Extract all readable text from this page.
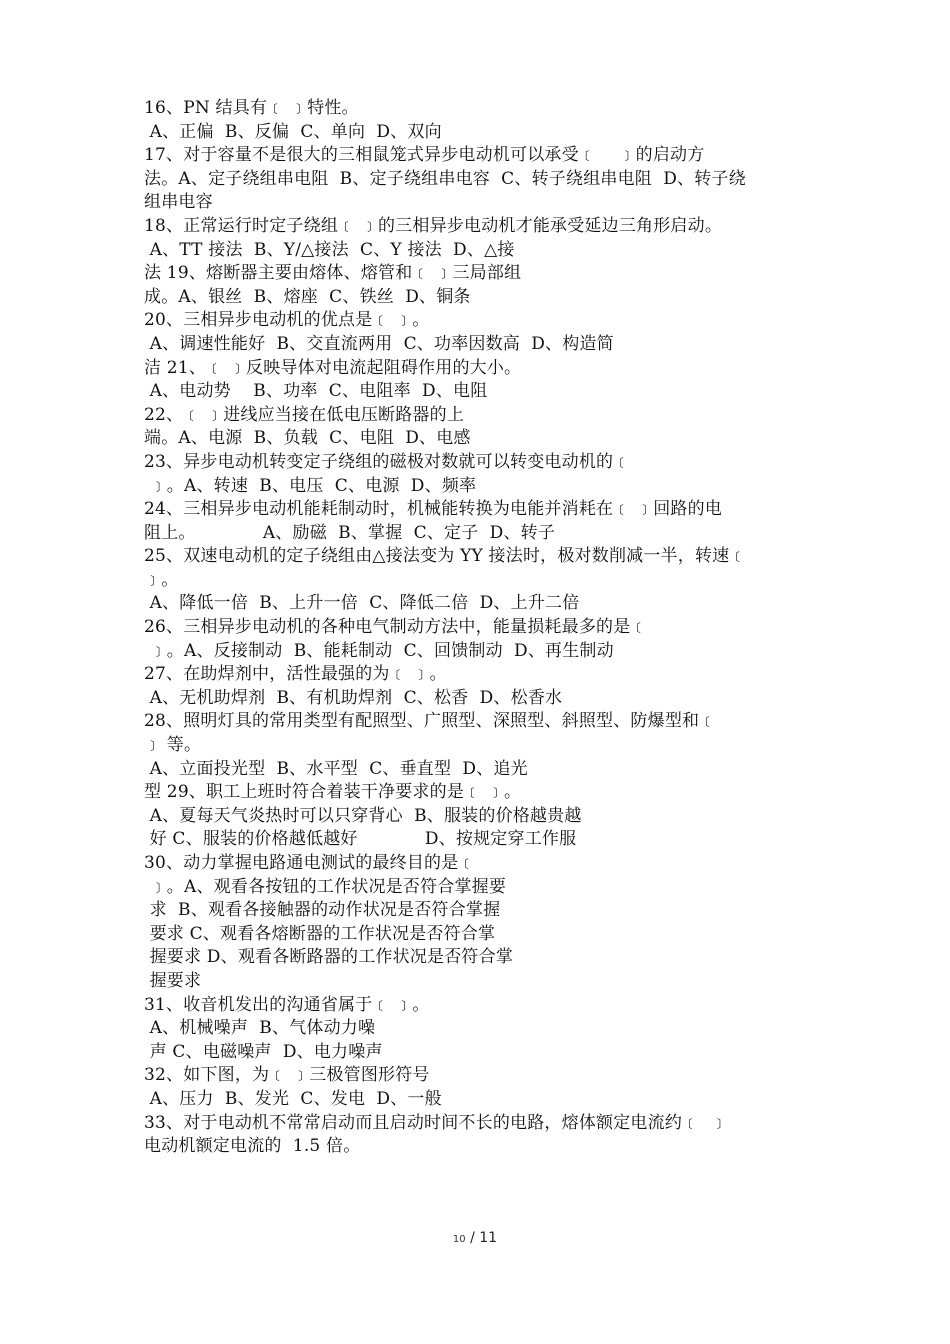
16、PN 结具有﹝ ﹞特性。
A、正偏  B、反偏  C、单向  D、双向
17、对于容量不是很大的三相鼠笼式异步电动机可以承受﹝    ﹞的启动方
法。A、定子绕组串电阻  B、定子绕组串电容  C、转子绕组串电阻  D、转子绕
组串电容
18、正常运行时定子绕组﹝ ﹞的三相异步电动机才能承受延边三角形启动。
A、TT 接法  B、Y/△接法  C、Y 接法  D、△接
法 19、熔断器主要由熔体、熔管和﹝ ﹞三局部组
成。A、银丝  B、熔座  C、铁丝  D、铜条
20、三相异步电动机的优点是﹝ ﹞。
A、调速性能好  B、交直流两用  C、功率因数高  D、构造简
洁 21、﹝ ﹞反映导体对电流起阻碍作用的大小。
A、电动势    B、功率  C、电阻率  D、电阻
22、﹝ ﹞进线应当接在低电压断路器的上
端。A、电源  B、负载  C、电阻  D、电感
23、异步电动机转变定子绕组的磁极对数就可以转变电动机的﹝
﹞。A、转速  B、电压  C、电源  D、频率
24、三相异步电动机能耗制动时，机械能转换为电能并消耗在﹝ ﹞回路的电
阻上。            A、励磁  B、掌握  C、定子  D、转子
25、双速电动机的定子绕组由△接法变为 YY 接法时，极对数削减一半，转速﹝
﹞。
A、降低一倍  B、上升一倍  C、降低二倍  D、上升二倍
26、三相异步电动机的各种电气制动方法中，能量损耗最多的是﹝
﹞。A、反接制动  B、能耗制动  C、回馈制动  D、再生制动
27、在助焊剂中，活性最强的为﹝ ﹞。
A、无机助焊剂  B、有机助焊剂  C、松香  D、松香水
28、照明灯具的常用类型有配照型、广照型、深照型、斜照型、防爆型和﹝
﹞ 等。
A、立面投光型  B、水平型  C、垂直型  D、追光
型 29、职工上班时符合着装干净要求的是﹝ ﹞。
A、夏每天气炎热时可以只穿背心  B、服装的价格越贵越
好 C、服装的价格越低越好            D、按规定穿工作服
30、动力掌握电路通电测试的最终目的是﹝
﹞。A、观看各按钮的工作状况是否符合掌握要
求  B、观看各接触器的动作状况是否符合掌握
要求 C、观看各熔断器的工作状况是否符合掌
握要求 D、观看各断路器的工作状况是否符合掌
握要求
31、收音机发出的沟通省属于﹝ ﹞。
A、机械噪声  B、气体动力噪
声 C、电磁噪声  D、电力噪声
32、如下图，为﹝ ﹞三极管图形符号
A、压力  B、发光  C、发电  D、一般
33、对于电动机不常常启动而且启动时间不长的电路，熔体额定电流约﹝  ﹞
电动机额定电流的  1.5 倍。
10 / 11
